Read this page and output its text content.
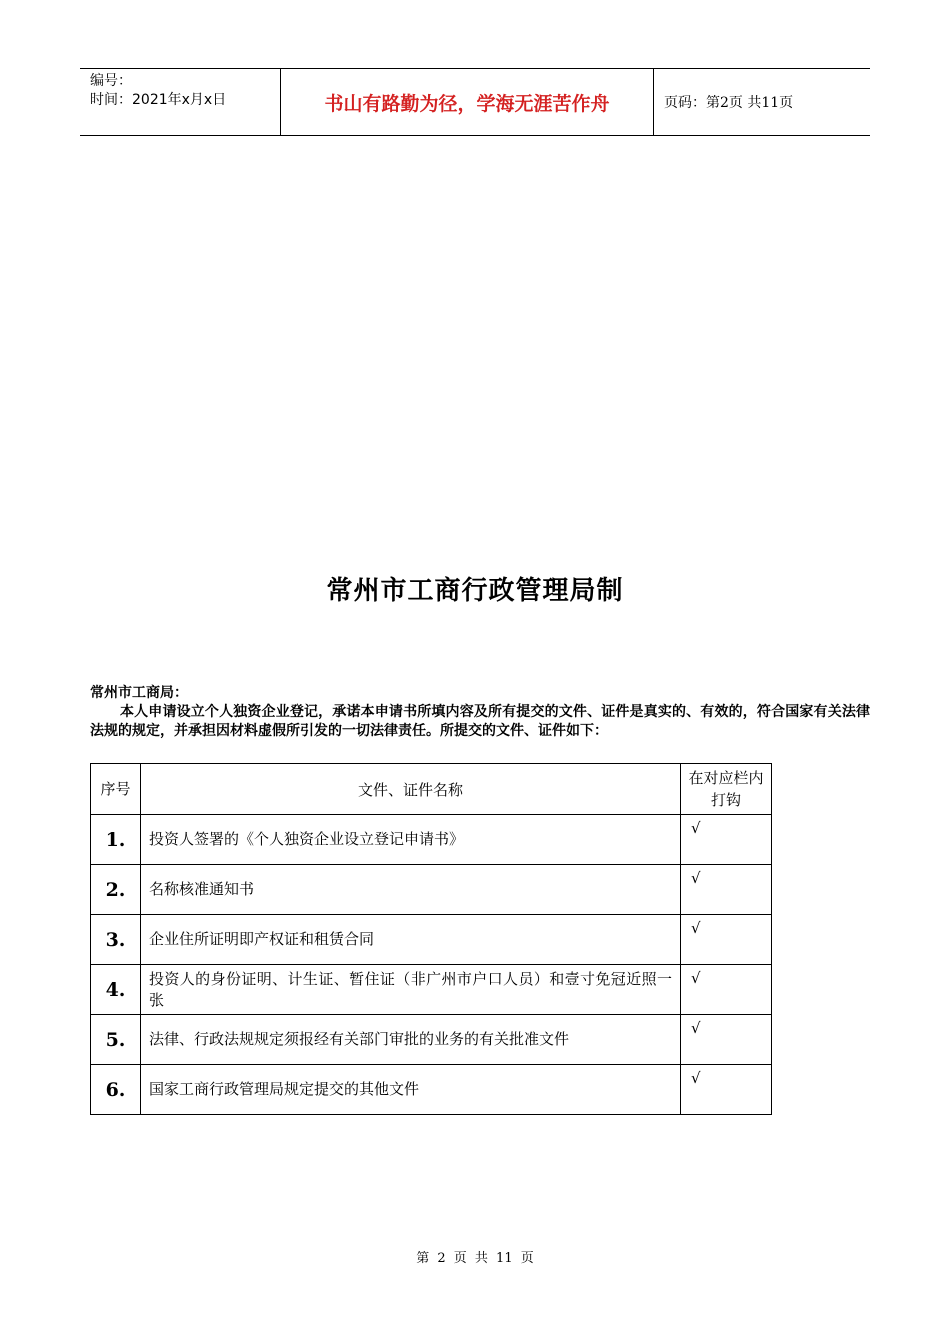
编号：
时间：2021年x月x日	书山有路勤为径，学海无涯苦作舟	页码：第2页 共11页
常州市工商行政管理局制

常州市工商局：

本人申请设立个人独资企业登记，承诺本申请书所填内容及所有提交的文件、证件是真实的、有效的，符合国家有关法律法规的规定，并承担因材料虚假所引发的一切法律责任。所提交的文件、证件如下：

序号	文件、证件名称	在对应栏内打钩
1.	投资人签署的《个人独资企业设立登记申请书》	√
2.	名称核准通知书	√
3.	企业住所证明即产权证和租赁合同	√
4.	投资人的身份证明、计生证、暂住证（非广州市户口人员）和壹寸免冠近照一张	√
5.	法律、行政法规规定须报经有关部门审批的业务的有关批准文件	√
6.	国家工商行政管理局规定提交的其他文件	√
第 2 页 共 11 页
